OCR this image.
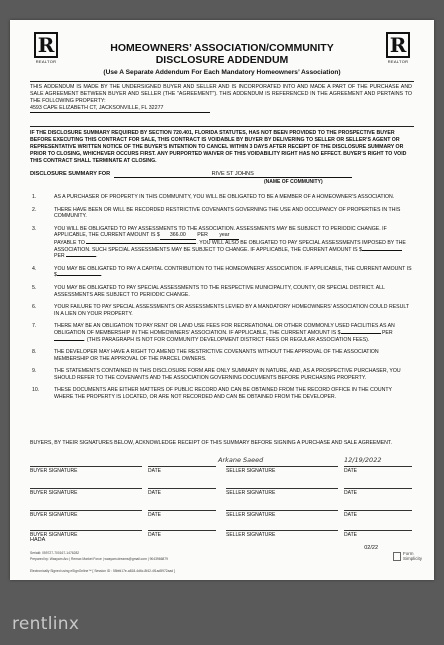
R
REALTOR
R
REALTOR
HOMEOWNERS’ ASSOCIATION/COMMUNITY
DISCLOSURE ADDENDUM
(Use A Separate Addendum For Each Mandatory Homeowners’ Association)
THIS ADDENDUM IS MADE BY THE UNDERSIGNED BUYER AND SELLER AND IS INCORPORATED INTO AND MADE A PART OF THE PURCHASE AND SALE AGREEMENT BETWEEN BUYER AND SELLER (THE "AGREEMENT"). THIS ADDENDUM IS REFERENCED IN THE AGREEMENT AND PERTAINS TO THE FOLLOWING PROPERTY:
4593 CAPE ELIZABETH CT, JACKSONVILLE, FL 32277
IF THE DISCLOSURE SUMMARY REQUIRED BY SECTION 720.401, FLORIDA STATUTES, HAS NOT BEEN PROVIDED TO THE PROSPECTIVE BUYER BEFORE EXECUTING THIS CONTRACT FOR SALE, THIS CONTRACT IS VOIDABLE BY BUYER BY DELIVERING TO SELLER OR SELLER’S AGENT OR REPRESENTATIVE WRITTEN NOTICE OF THE BUYER’S INTENTION TO CANCEL WITHIN 3 DAYS AFTER RECEIPT OF THE DISCLOSURE SUMMARY OR PRIOR TO CLOSING, WHICHEVER OCCURS FIRST. ANY PURPORTED WAIVER OF THIS VOIDABILITY RIGHT HAS NO EFFECT. BUYER’S RIGHT TO VOID THIS CONTRACT SHALL TERMINATE AT CLOSING.
DISCLOSURE SUMMARY FOR	RIVE ST JOHNS
(NAME OF COMMUNITY)
1.	AS A PURCHASER OF PROPERTY IN THIS COMMUNITY, YOU WILL BE OBLIGATED TO BE A MEMBER OF A HOMEOWNER’S ASSOCIATION.
2.	THERE HAVE BEEN OR WILL BE RECORDED RESTRICTIVE COVENANTS GOVERNING THE USE AND OCCUPANCY OF PROPERTIES IN THIS COMMUNITY.
3.	YOU WILL BE OBLIGATED TO PAY ASSESSMENTS TO THE ASSOCIATION. ASSESSMENTS MAY BE SUBJECT TO PERIODIC CHANGE. IF APPLICABLE, THE CURRENT AMOUNT IS $ 366.00 PER year
PAYABLE TO	. YOU WILL ALSO BE OBLIGATED TO PAY SPECIAL ASSESSMENTS IMPOSED BY THE ASSOCIATION. SUCH SPECIAL ASSESSMENTS MAY BE SUBJECT TO CHANGE. IF APPLICABLE, THE CURRENT AMOUNT IS $ PER	.
4.	YOU MAY BE OBLIGATED TO PAY A CAPITAL CONTRIBUTION TO THE HOMEOWNERS’ ASSOCIATION. IF APPLICABLE, THE CURRENT AMOUNT IS $	.
5.	YOU MAY BE OBLIGATED TO PAY SPECIAL ASSESSMENTS TO THE RESPECTIVE MUNICIPALITY, COUNTY, OR SPECIAL DISTRICT. ALL ASSESSMENTS ARE SUBJECT TO PERIODIC CHANGE.
6.	YOUR FAILURE TO PAY SPECIAL ASSESSMENTS OR ASSESSMENTS LEVIED BY A MANDATORY HOMEOWNERS’ ASSOCIATION COULD RESULT IN A LIEN ON YOUR PROPERTY.
7.	THERE MAY BE AN OBLIGATION TO PAY RENT OR LAND USE FEES FOR RECREATIONAL OR OTHER COMMONLY USED FACILITIES AS AN OBLIGATION OF MEMBERSHIP IN THE HOMEOWNERS’ ASSOCIATION. IF APPLICABLE, THE CURRENT AMOUNT IS $	PER . (THIS PARAGRAPH IS NOT FOR COMMUNITY DEVELOPMENT DISTRICT FEES OR REGULAR ASSOCIATION FEES).
8.	THE DEVELOPER MAY HAVE A RIGHT TO AMEND THE RESTRICTIVE COVENANTS WITHOUT THE APPROVAL OF THE ASSOCIATION MEMBERSHIP OR THE APPROVAL OF THE PARCEL OWNERS.
9.	THE STATEMENTS CONTAINED IN THIS DISCLOSURE FORM ARE ONLY SUMMARY IN NATURE, AND, AS A PROSPECTIVE PURCHASER, YOU SHOULD REFER TO THE COVENANTS AND THE ASSOCIATION GOVERNING DOCUMENTS BEFORE PURCHASING PROPERTY.
10.	THESE DOCUMENTS ARE EITHER MATTERS OF PUBLIC RECORD AND CAN BE OBTAINED FROM THE RECORD OFFICE IN THE COUNTY WHERE THE PROPERTY IS LOCATED, OR ARE NOT RECORDED AND CAN BE OBTAINED FROM THE DEVELOPER.
BUYERS, BY THEIR SIGNATURES BELOW, ACKNOWLEDGE RECEIPT OF THIS SUMMARY BEFORE SIGNING A PURCHASE AND SALE AGREEMENT.
Arkane Saeed	12/19/2022
BUYER SIGNATURE	DATE	SELLER SIGNATURE	DATE
BUYER SIGNATURE	DATE	SELLER SIGNATURE	DATE
BUYER SIGNATURE	DATE	SELLER SIGNATURE	DATE
BUYER SIGNATURE	DATE	SELLER SIGNATURE	DATE
HADA
02/22
Form
Simplicity
Serial#: 059727-700167-1476282
Prepared by: Wasyam Aro | Remax Market Force | wasyam.dreams@gmail.com | 9043966879
Electronically Signed using eSignOnline™ [ Session ID : 55bfd17e-a818-4d6c-8f42-4f1ad5972aad ]
rentlinx
